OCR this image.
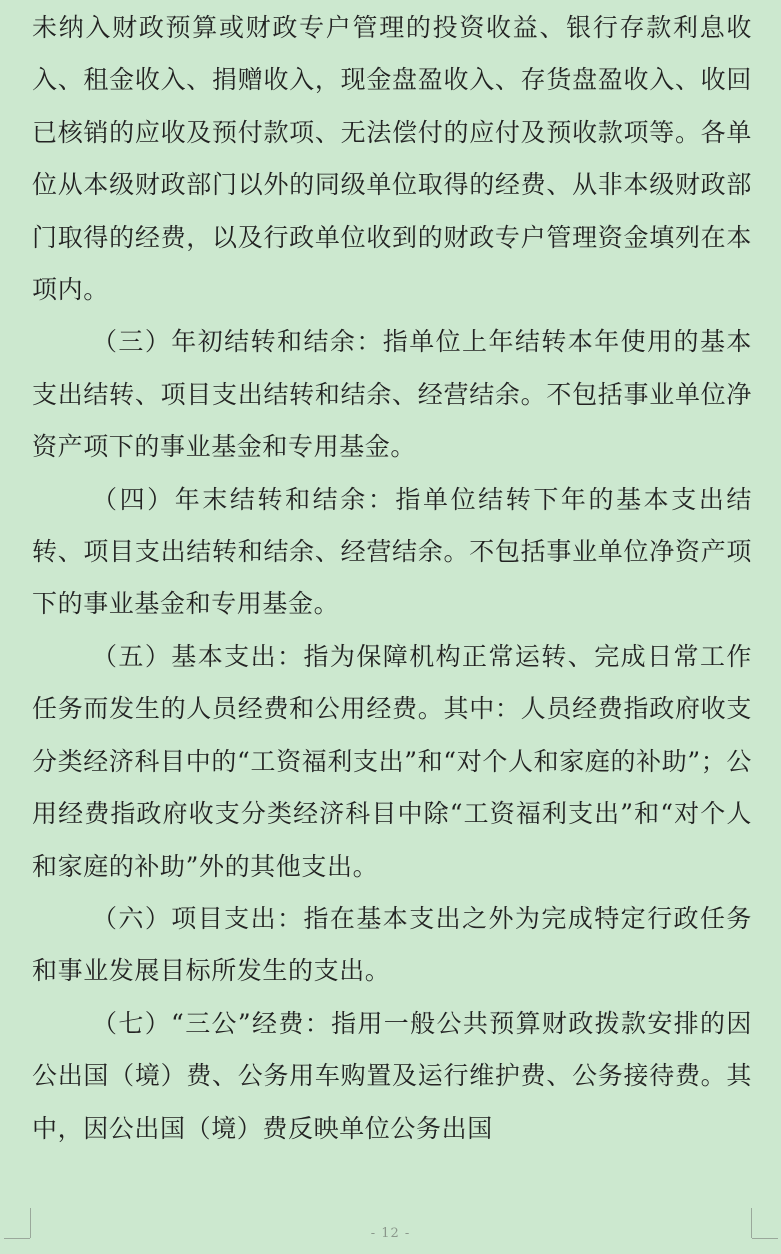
未纳入财政预算或财政专户管理的投资收益、银行存款利息收入、租金收入、捐赠收入，现金盘盈收入、存货盘盈收入、收回已核销的应收及预付款项、无法偿付的应付及预收款项等。各单位从本级财政部门以外的同级单位取得的经费、从非本级财政部门取得的经费，以及行政单位收到的财政专户管理资金填列在本项内。

（三）年初结转和结余：指单位上年结转本年使用的基本支出结转、项目支出结转和结余、经营结余。不包括事业单位净资产项下的事业基金和专用基金。

（四）年末结转和结余：指单位结转下年的基本支出结转、项目支出结转和结余、经营结余。不包括事业单位净资产项下的事业基金和专用基金。

（五）基本支出：指为保障机构正常运转、完成日常工作任务而发生的人员经费和公用经费。其中：人员经费指政府收支分类经济科目中的“工资福利支出”和“对个人和家庭的补助”；公用经费指政府收支分类经济科目中除“工资福利支出”和“对个人和家庭的补助”外的其他支出。

（六）项目支出：指在基本支出之外为完成特定行政任务和事业发展目标所发生的支出。

（七）“三公”经费：指用一般公共预算财政拨款安排的因公出国（境）费、公务用车购置及运行维护费、公务接待费。其中，因公出国（境）费反映单位公务出国

- 12 -
